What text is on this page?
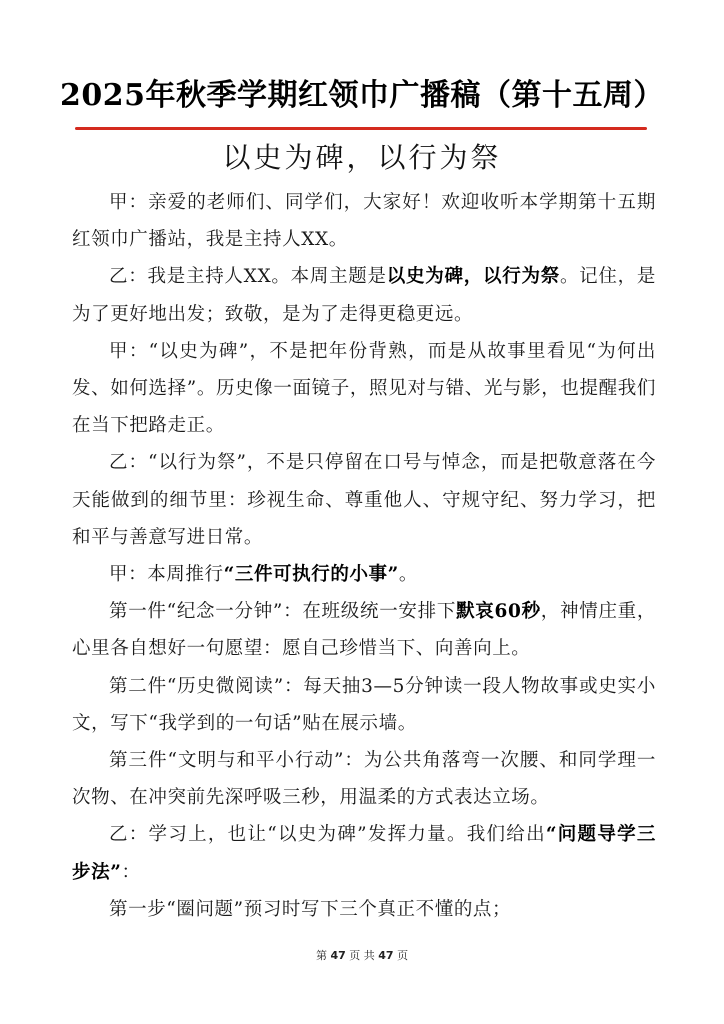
2025年秋季学期红领巾广播稿（第十五周）
以史为碑，以行为祭

甲：亲爱的老师们、同学们，大家好！欢迎收听本学期第十五期红领巾广播站，我是主持人XX。

乙：我是主持人XX。本周主题是以史为碑，以行为祭。记住，是为了更好地出发；致敬，是为了走得更稳更远。

甲：“以史为碑”，不是把年份背熟，而是从故事里看见“为何出发、如何选择”。历史像一面镜子，照见对与错、光与影，也提醒我们在当下把路走正。

乙：“以行为祭”，不是只停留在口号与悼念，而是把敬意落在今天能做到的细节里：珍视生命、尊重他人、守规守纪、努力学习，把和平与善意写进日常。

甲：本周推行“三件可执行的小事”。

第一件“纪念一分钟”：在班级统一安排下默哀60秒，神情庄重，心里各自想好一句愿望：愿自己珍惜当下、向善向上。

第二件“历史微阅读”：每天抽3—5分钟读一段人物故事或史实小文，写下“我学到的一句话”贴在展示墙。

第三件“文明与和平小行动”：为公共角落弯一次腰、和同学理一次物、在冲突前先深呼吸三秒，用温柔的方式表达立场。

乙：学习上，也让“以史为碑”发挥力量。我们给出“问题导学三步法”：

第一步“圈问题”预习时写下三个真正不懂的点；

第 47 页 共 47 页
